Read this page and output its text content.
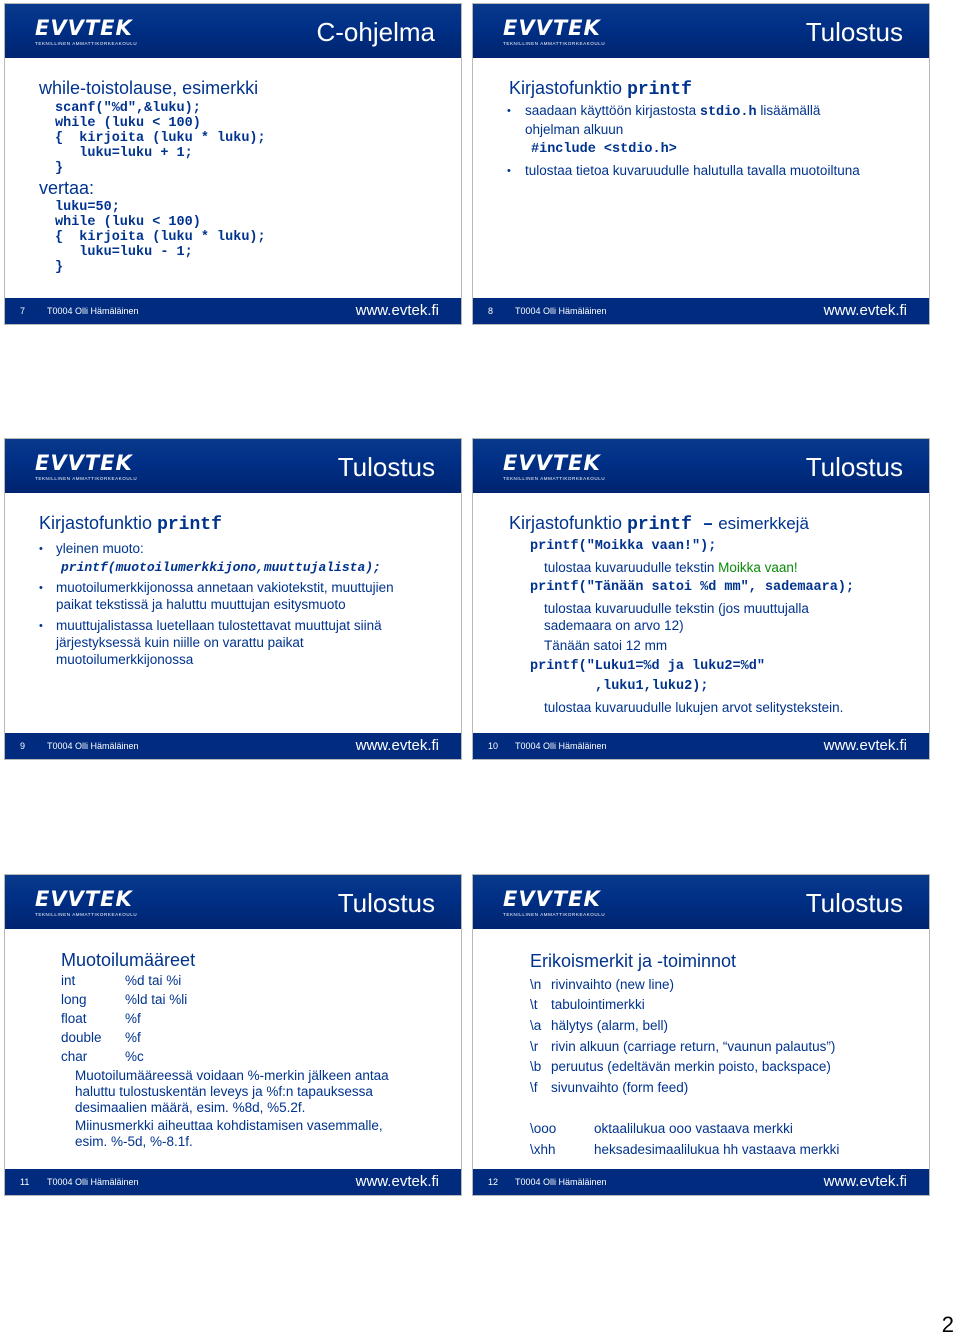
EVVTEK
TEKNILLINEN AMMATTIKORKEAKOULU	C-ohjelma
while-toistolause, esimerkki
scanf("%d",&luku);
while (luku < 100)
{  kirjoita (luku * luku);
luku=luku + 1;
}
vertaa:
luku=50;
while (luku < 100)
{  kirjoita (luku * luku);
luku=luku - 1;
}
7 T0004 Olli Hämäläinen	www.evtek.fi
EVVTEK
TEKNILLINEN AMMATTIKORKEAKOULU	Tulostus
Kirjastofunktio printf
• saadaan käyttöön kirjastosta stdio.h lisäämällä
ohjelman alkuun
#include <stdio.h>
• tulostaa tietoa kuvaruudulle halutulla tavalla muotoiltuna
8 T0004 Olli Hämäläinen	www.evtek.fi
EVVTEK
TEKNILLINEN AMMATTIKORKEAKOULU	Tulostus
Kirjastofunktio printf
• yleinen muoto:
printf(muotoilumerkkijono,muuttujalista);
• muotoilumerkkijonossa annetaan vakiotekstit, muuttujien
paikat tekstissä ja haluttu muuttujan esitysmuoto
• muuttujalistassa luetellaan tulostettavat muuttujat siinä
järjestyksessä kuin niille on varattu paikat
muotoilumerkkijonossa
9 T0004 Olli Hämäläinen	www.evtek.fi
EVVTEK
TEKNILLINEN AMMATTIKORKEAKOULU	Tulostus
Kirjastofunktio printf – esimerkkejä
printf("Moikka vaan!");
tulostaa kuvaruudulle tekstin Moikka vaan!
printf("Tänään satoi %d mm", sademaara);
tulostaa kuvaruudulle tekstin (jos muuttujalla
sademaara on arvo 12)
Tänään satoi 12 mm
printf("Luku1=%d ja luku2=%d"
,luku1,luku2);
tulostaa kuvaruudulle lukujen arvot selitystekstein.
10 T0004 Olli Hämäläinen	www.evtek.fi
EVVTEK
TEKNILLINEN AMMATTIKORKEAKOULU	Tulostus
Muotoilumääreet
int	%d tai %i
long	%ld tai %li
float	%f
double %f
char	%c
Muotoilumääreessä voidaan %-merkin jälkeen antaa
haluttu tulostuskentän leveys ja %f:n tapauksessa
desimaalien määrä, esim. %8d, %5.2f.
Miinusmerkki aiheuttaa kohdistamisen vasemmalle,
esim. %-5d, %-8.1f.
11 T0004 Olli Hämäläinen	www.evtek.fi
EVVTEK
TEKNILLINEN AMMATTIKORKEAKOULU	Tulostus
Erikoismerkit ja -toiminnot
\n rivinvaihto (new line)
\t tabulointimerkki
\a hälytys (alarm, bell)
\r rivin alkuun (carriage return, “vaunun palautus”)
\b peruutus (edeltävän merkin poisto, backspace)
\f sivunvaihto (form feed)
\ooo	oktaalilukua ooo vastaava merkki
\xhh	heksadesimaalilukua hh vastaava merkki
12 T0004 Olli Hämäläinen	www.evtek.fi
2
